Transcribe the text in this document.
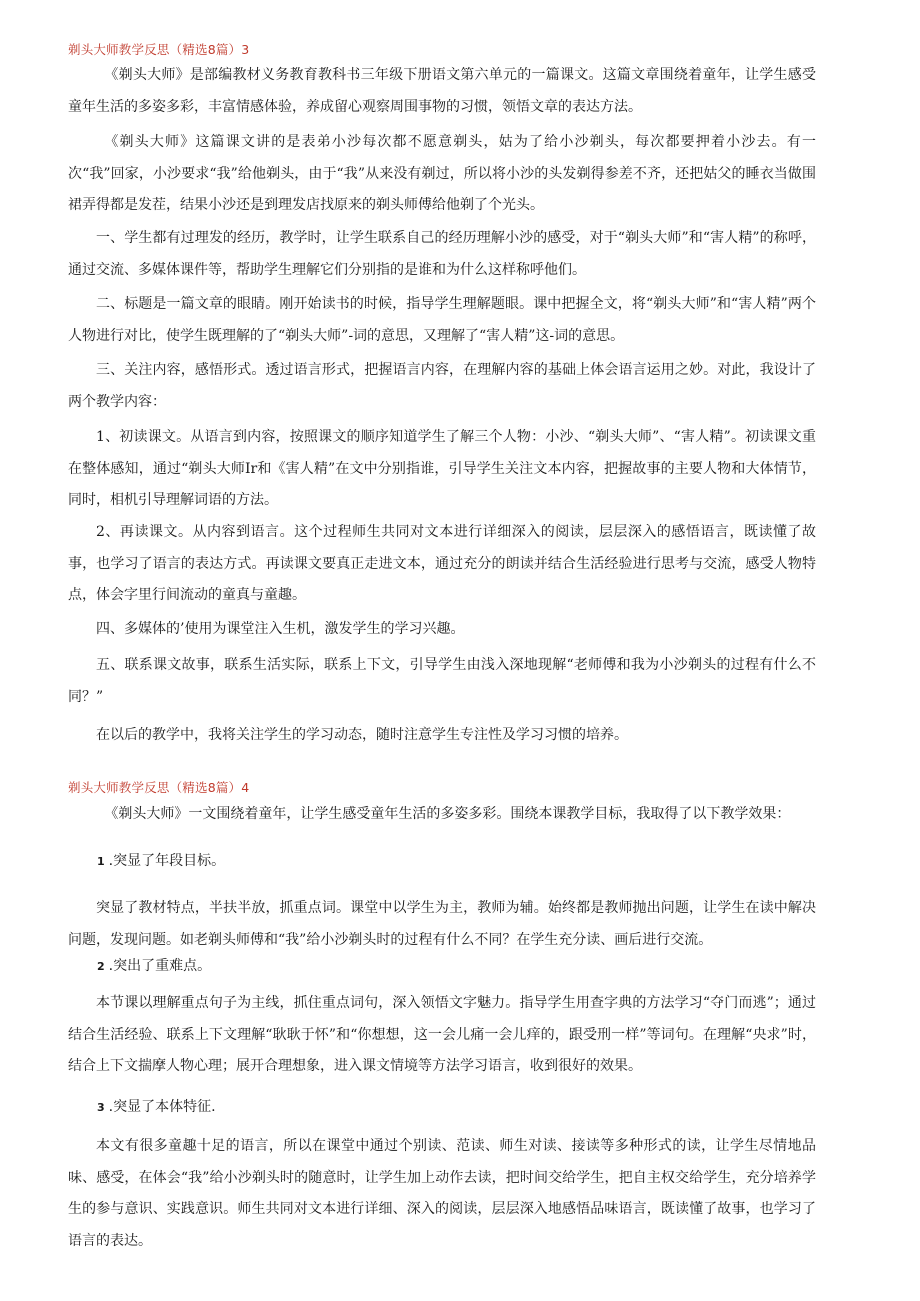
剃头大师教学反思（精选8篇）3

《剃头大师》是部编教材义务教育教科书三年级下册语文第六单元的一篇课文。这篇文章围绕着童年，让学生感受童年生活的多姿多彩，丰富情感体验，养成留心观察周围事物的习惯，领悟文章的表达方法。

《剃头大师》这篇课文讲的是表弟小沙每次都不愿意剃头，姑为了给小沙剃头，每次都要押着小沙去。有一次“我”回家，小沙要求“我”给他剃头，由于“我”从来没有剃过，所以将小沙的头发剃得参差不齐，还把姑父的睡衣当做围裙弄得都是发茬，结果小沙还是到理发店找原来的剃头师傅给他剃了个光头。

一、学生都有过理发的经历，教学时，让学生联系自己的经历理解小沙的感受，对于“剃头大师”和“害人精”的称呼，通过交流、多媒体课件等，帮助学生理解它们分别指的是谁和为什么这样称呼他们。

二、标题是一篇文章的眼睛。刚开始读书的时候，指导学生理解题眼。课中把握全文，将“剃头大师”和“害人精”两个人物进行对比，使学生既理解的了“剃头大师”-词的意思，又理解了“害人精”这-词的意思。

三、关注内容，感悟形式。透过语言形式，把握语言内容，在理解内容的基础上体会语言运用之妙。对此，我设计了两个教学内容：

1、初读课文。从语言到内容，按照课文的顺序知道学生了解三个人物：小沙、“剃头大师”、“害人精”。初读课文重在整体感知，通过“剃头大师Ir和《害人精”在文中分别指谁，引导学生关注文本内容，把握故事的主要人物和大体情节，同时，相机引导理解词语的方法。

2、再读课文。从内容到语言。这个过程师生共同对文本进行详细深入的阅读，层层深入的感悟语言，既读懂了故事，也学习了语言的表达方式。再读课文要真正走进文本，通过充分的朗读并结合生活经验进行思考与交流，感受人物特点，体会字里行间流动的童真与童趣。

四、多媒体的’使用为课堂注入生机，激发学生的学习兴趣。

五、联系课文故事，联系生活实际，联系上下文，引导学生由浅入深地现解“老师傅和我为小沙剃头的过程有什么不同？”

在以后的教学中，我将关注学生的学习动态，随时注意学生专注性及学习习惯的培养。

剃头大师教学反思（精选8篇）4

《剃头大师》一文围绕着童年，让学生感受童年生活的多姿多彩。围绕本课教学目标，我取得了以下教学效果：

1 .突显了年段目标。

突显了教材特点，半扶半放，抓重点词。课堂中以学生为主，教师为辅。始终都是教师抛出问题，让学生在读中解决问题，发现问题。如老剃头师傅和“我”给小沙剃头时的过程有什么不同？在学生充分读、画后进行交流。

2 .突出了重难点。

本节课以理解重点句子为主线，抓住重点词句，深入领悟文字魅力。指导学生用查字典的方法学习“夺门而逃”；通过结合生活经验、联系上下文理解“耿耿于怀”和“你想想，这一会儿痛一会儿痒的，跟受刑一样”等词句。在理解“央求”时，结合上下文揣摩人物心理；展开合理想象，进入课文情境等方法学习语言，收到很好的效果。

3 .突显了本体特征.

本文有很多童趣十足的语言，所以在课堂中通过个别读、范读、师生对读、接读等多种形式的读，让学生尽情地品味、感受，在体会“我”给小沙剃头时的随意时，让学生加上动作去读，把时间交给学生，把自主权交给学生，充分培养学生的参与意识、实践意识。师生共同对文本进行详细、深入的阅读，层层深入地感悟品味语言，既读懂了故事，也学习了语言的表达。
